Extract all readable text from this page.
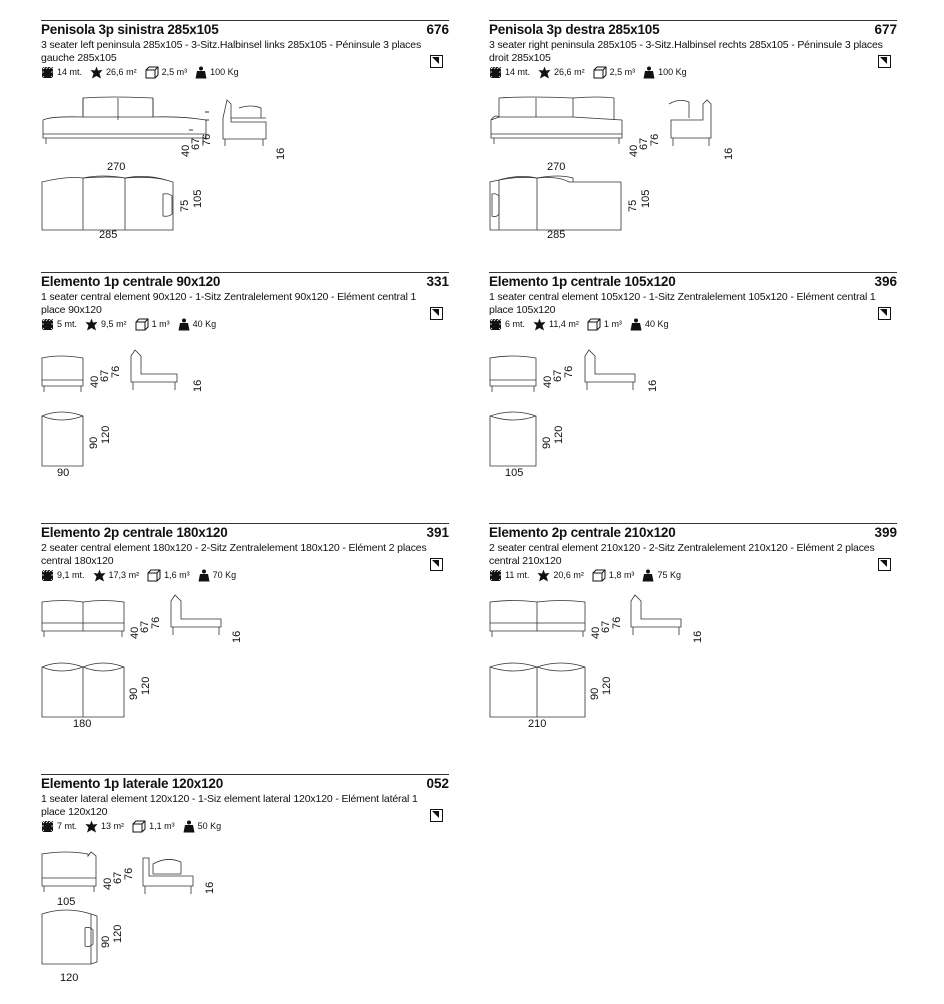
Penisola 3p sinistra 285x105	676
3 seater left peninsula 285x105 - 3-Sitz.Halbinsel links 285x105 - Péninsule 3 places gauche 285x105
14
mt.	26,6
m²	2,5
m³	100
Kg
270
285
40
67 76
16
75 105
Penisola 3p destra 285x105	677
3 seater right peninsula 285x105 - 3-Sitz.Halbinsel rechts 285x105 - Péninsule 3 places droit 285x105
14
mt.	26,6
m²	2,5
m³	100
Kg
270
285
40
67 76
16
75 105
Elemento 1p centrale 90x120	331
1 seater central element 90x120 - 1-Sitz Zentralelement 90x120 - Elément central 1 place 90x120
5
mt.	9,5
m²	1
m³	40
Kg
90
40
67 76
16
90 120
Elemento 1p centrale 105x120	396
1 seater central element 105x120 - 1-Sitz Zentralelement 105x120 - Elément central 1 place 105x120
6
mt.	11,4
m²	1
m³	40
Kg
105
40
67 76
16
90 120
Elemento 2p centrale 180x120	391
2 seater central element 180x120 - 2-Sitz Zentralelement 180x120 - Elément 2 places central 180x120
9,1
mt.	17,3
m²	1,6
m³	70
Kg
180
40
67 76
16
90 120
Elemento 2p centrale 210x120	399
2 seater central element 210x120 - 2-Sitz Zentralelement 210x120 - Elément 2 places central 210x120
11
mt.	20,6
m²	1,8
m³	75
Kg
210
40
67 76
16
90 120
Elemento 1p laterale 120x120	052
1 seater lateral element 120x120 - 1-Siz element lateral 120x120 - Elément latéral 1 place 120x120
7
mt.	13
m²	1,1
m³	50
Kg
105
120
40
67 76
16
90 120
